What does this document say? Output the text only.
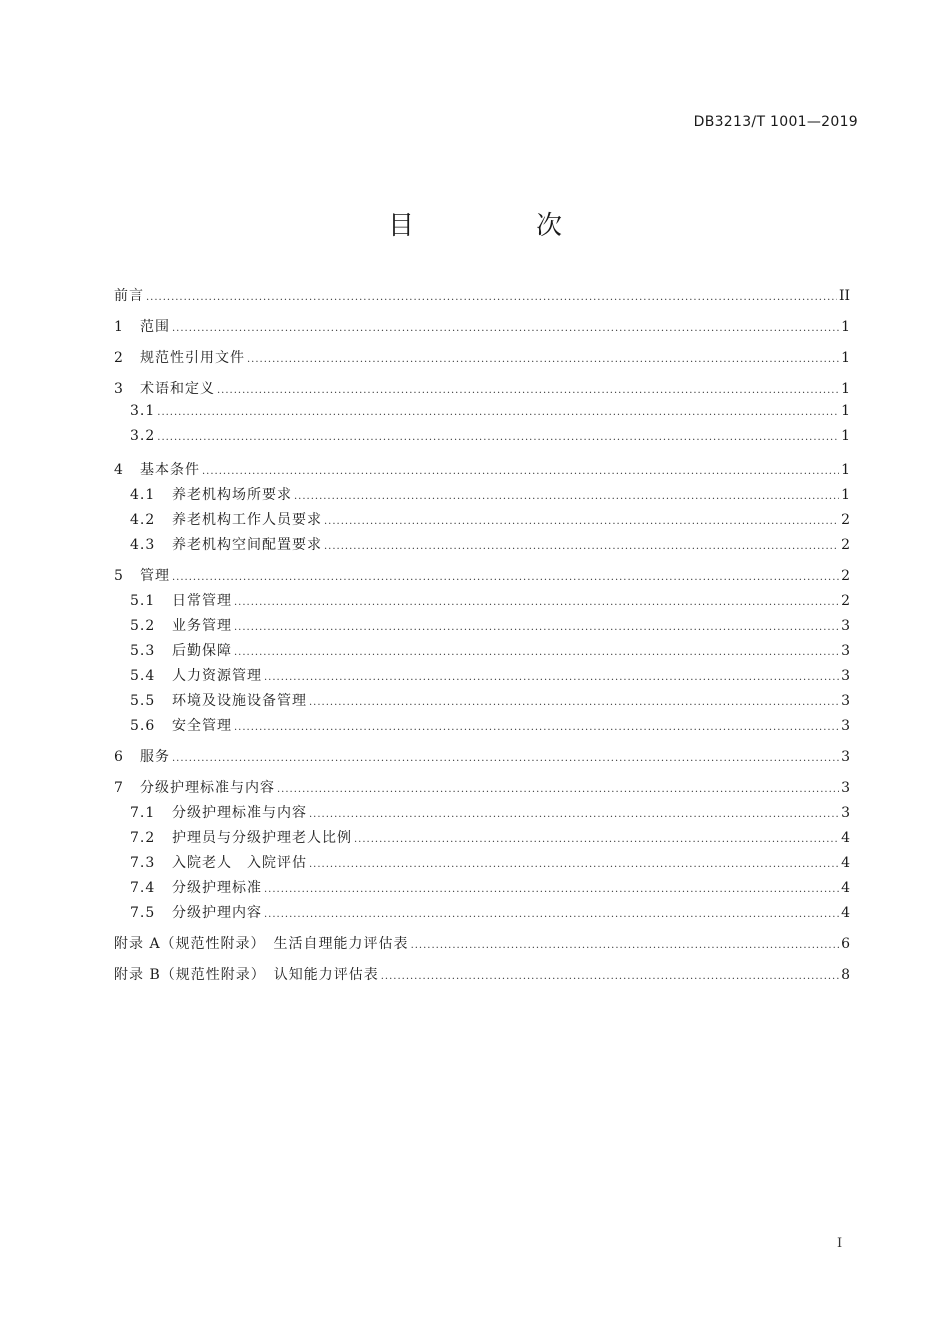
DB3213/T 1001—2019
目　次
前言 .....	II
1	范围 .....	1
2	规范性引用文件 .....	1
3	术语和定义 .....	1
3.1 .....	1
3.2 .....	1
4	基本条件 .....	1
4.1	养老机构场所要求 .....	1
4.2	养老机构工作人员要求 .....	2
4.3	养老机构空间配置要求 .....	2
5	管理 .....	2
5.1	日常管理 .....	2
5.2	业务管理 .....	3
5.3	后勤保障 .....	3
5.4	人力资源管理 .....	3
5.5	环境及设施设备管理 .....	3
5.6	安全管理 .....	3
6	服务 .....	3
7	分级护理标准与内容 .....	3
7.1	分级护理标准与内容 .....	3
7.2	护理员与分级护理老人比例 .....	4
7.3	入院老人　入院评估 .....	4
7.4	分级护理标准 .....	4
7.5	分级护理内容 .....	4
附录 A（规范性附录）　生活自理能力评估表 .....	6
附录 B（规范性附录）　认知能力评估表 .....	8
I
